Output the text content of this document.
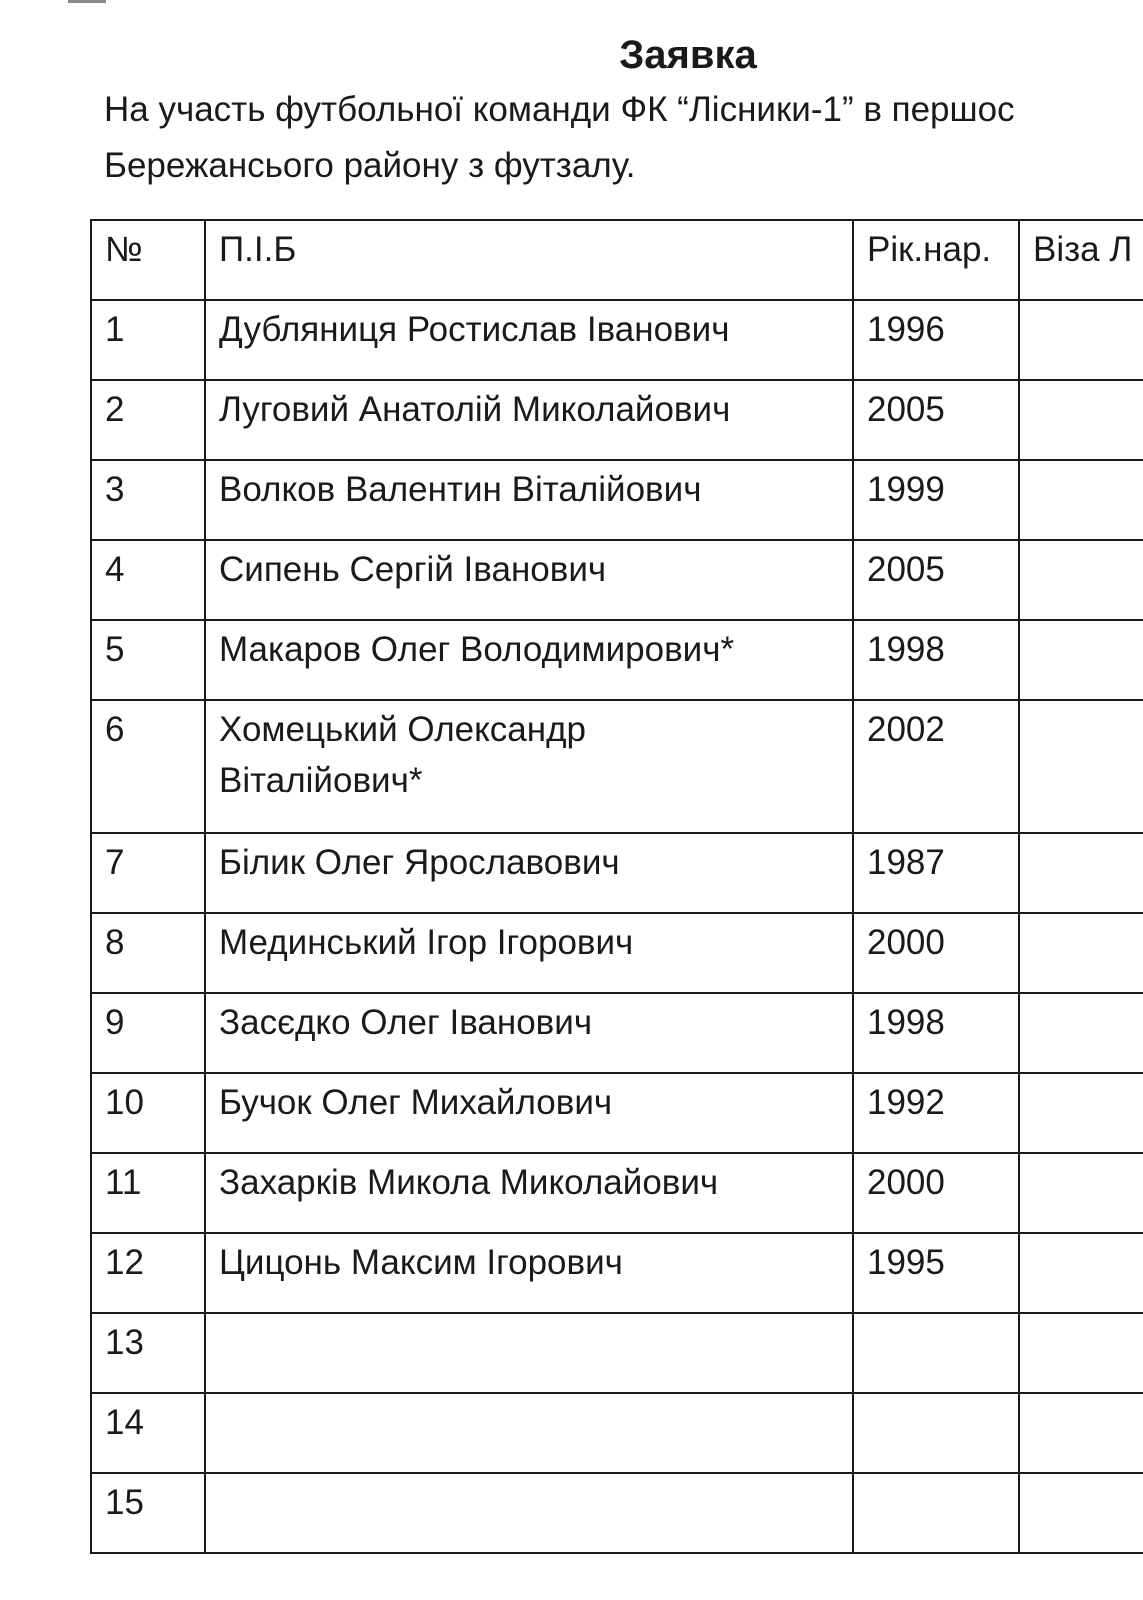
Заявка

На участь футбольної команди ФК “Лісники-1” в першос

Бережансього району з футзалу.

№	П.І.Б	Рік.нар.	Віза Л
1	Дубляниця Ростислав Іванович	1996	
2	Луговий Анатолій Миколайович	2005	
3	Волков Валентин Віталійович	1999	
4	Сипень Сергій Іванович	2005	
5	Макаров Олег Володимирович*	1998	
6	Хомецький Олександр
Віталійович*	2002	
7	Білик Олег Ярославович	1987	
8	Мединський Ігор Ігорович	2000	
9	Засєдко Олег Іванович	1998	
10	Бучок Олег Михайлович	1992	
11	Захарків Микола Миколайович	2000	
12	Цицонь Максим Ігорович	1995	
13			
14			
15			
